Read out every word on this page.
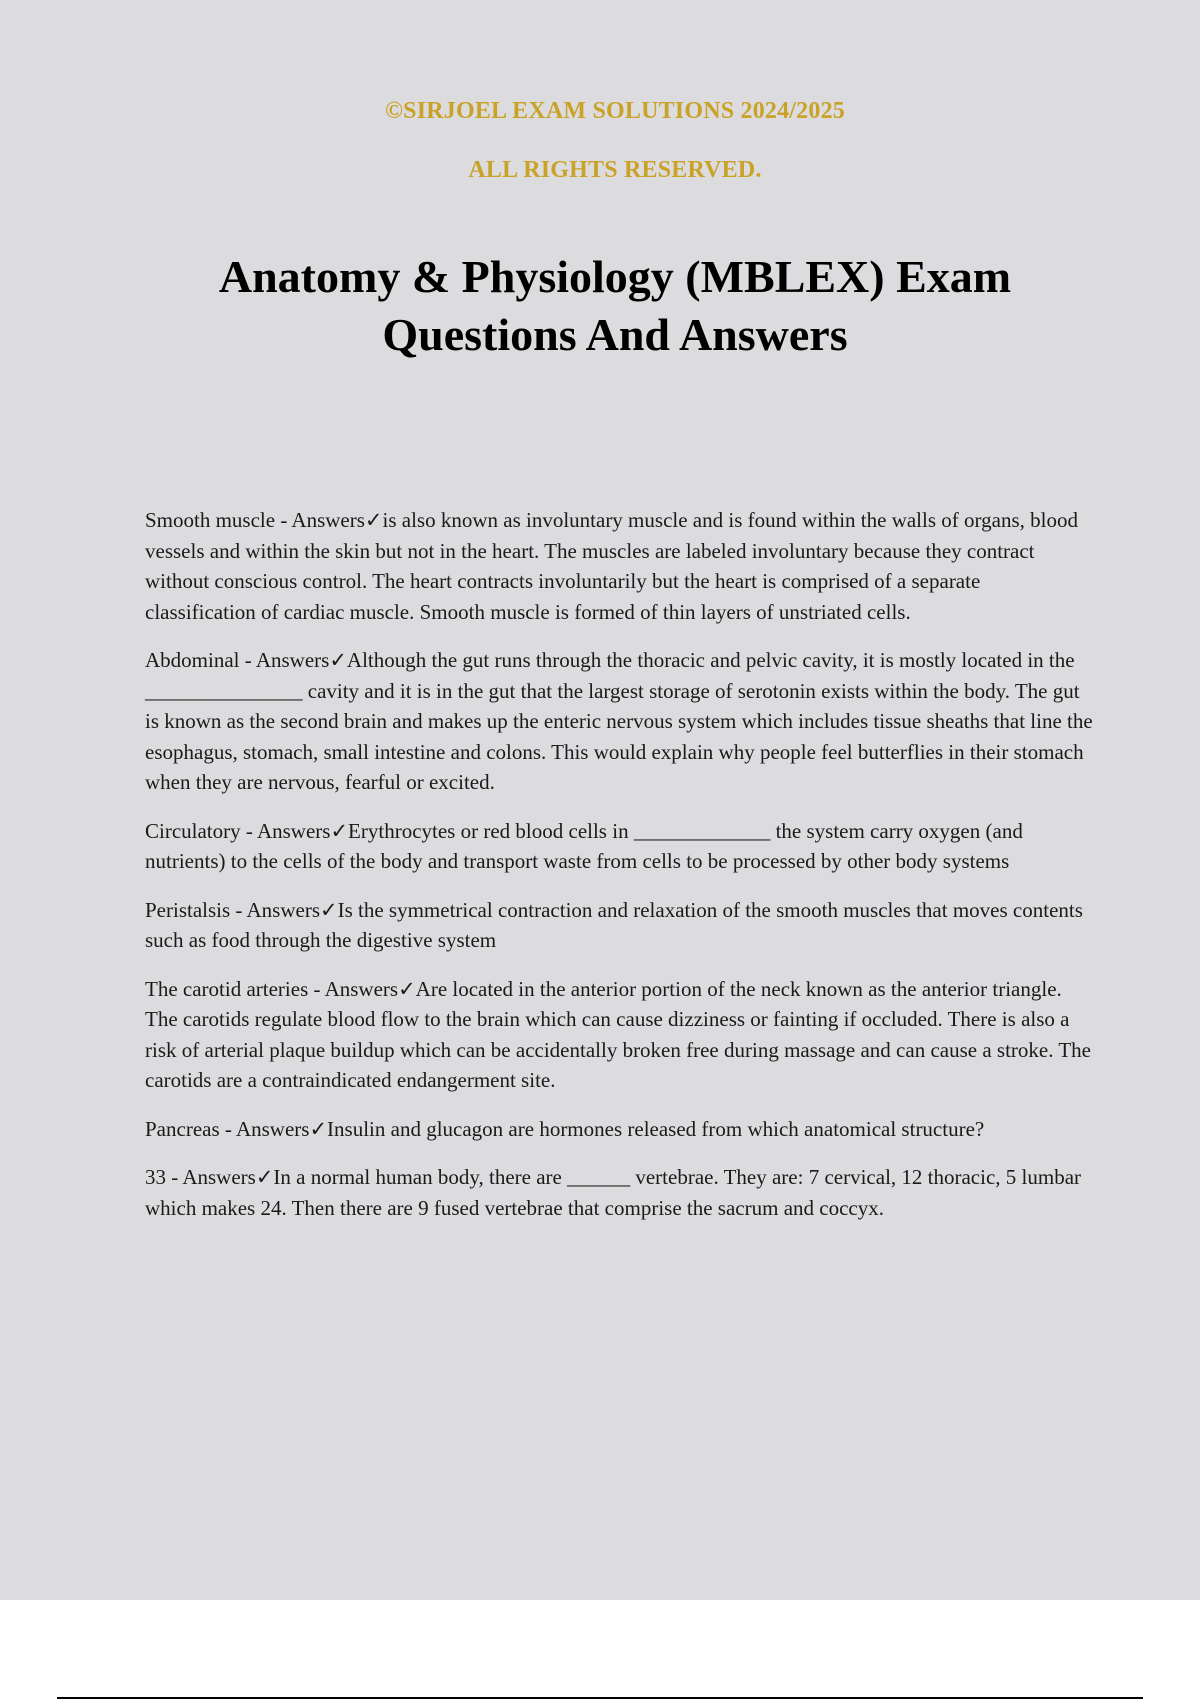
©SIRJOEL EXAM SOLUTIONS 2024/2025
ALL RIGHTS RESERVED.
Anatomy & Physiology (MBLEX) Exam
Questions And Answers

Smooth muscle - Answers✓is also known as involuntary muscle and is found within the walls of organs, blood vessels and within the skin but not in the heart. The muscles are labeled involuntary because they contract without conscious control. The heart contracts involuntarily but the heart is comprised of a separate classification of cardiac muscle. Smooth muscle is formed of thin layers of unstriated cells.

Abdominal - Answers✓Although the gut runs through the thoracic and pelvic cavity, it is mostly located in the _______________ cavity and it is in the gut that the largest storage of serotonin exists within the body. The gut is known as the second brain and makes up the enteric nervous system which includes tissue sheaths that line the esophagus, stomach, small intestine and colons. This would explain why people feel butterflies in their stomach when they are nervous, fearful or excited.

Circulatory - Answers✓Erythrocytes or red blood cells in _____________ the system carry oxygen (and nutrients) to the cells of the body and transport waste from cells to be processed by other body systems

Peristalsis - Answers✓Is the symmetrical contraction and relaxation of the smooth muscles that moves contents such as food through the digestive system

The carotid arteries - Answers✓Are located in the anterior portion of the neck known as the anterior triangle. The carotids regulate blood flow to the brain which can cause dizziness or fainting if occluded. There is also a risk of arterial plaque buildup which can be accidentally broken free during massage and can cause a stroke. The carotids are a contraindicated endangerment site.

Pancreas - Answers✓Insulin and glucagon are hormones released from which anatomical structure?

33 - Answers✓In a normal human body, there are ______ vertebrae. They are: 7 cervical, 12 thoracic, 5 lumbar which makes 24. Then there are 9 fused vertebrae that comprise the sacrum and coccyx.
